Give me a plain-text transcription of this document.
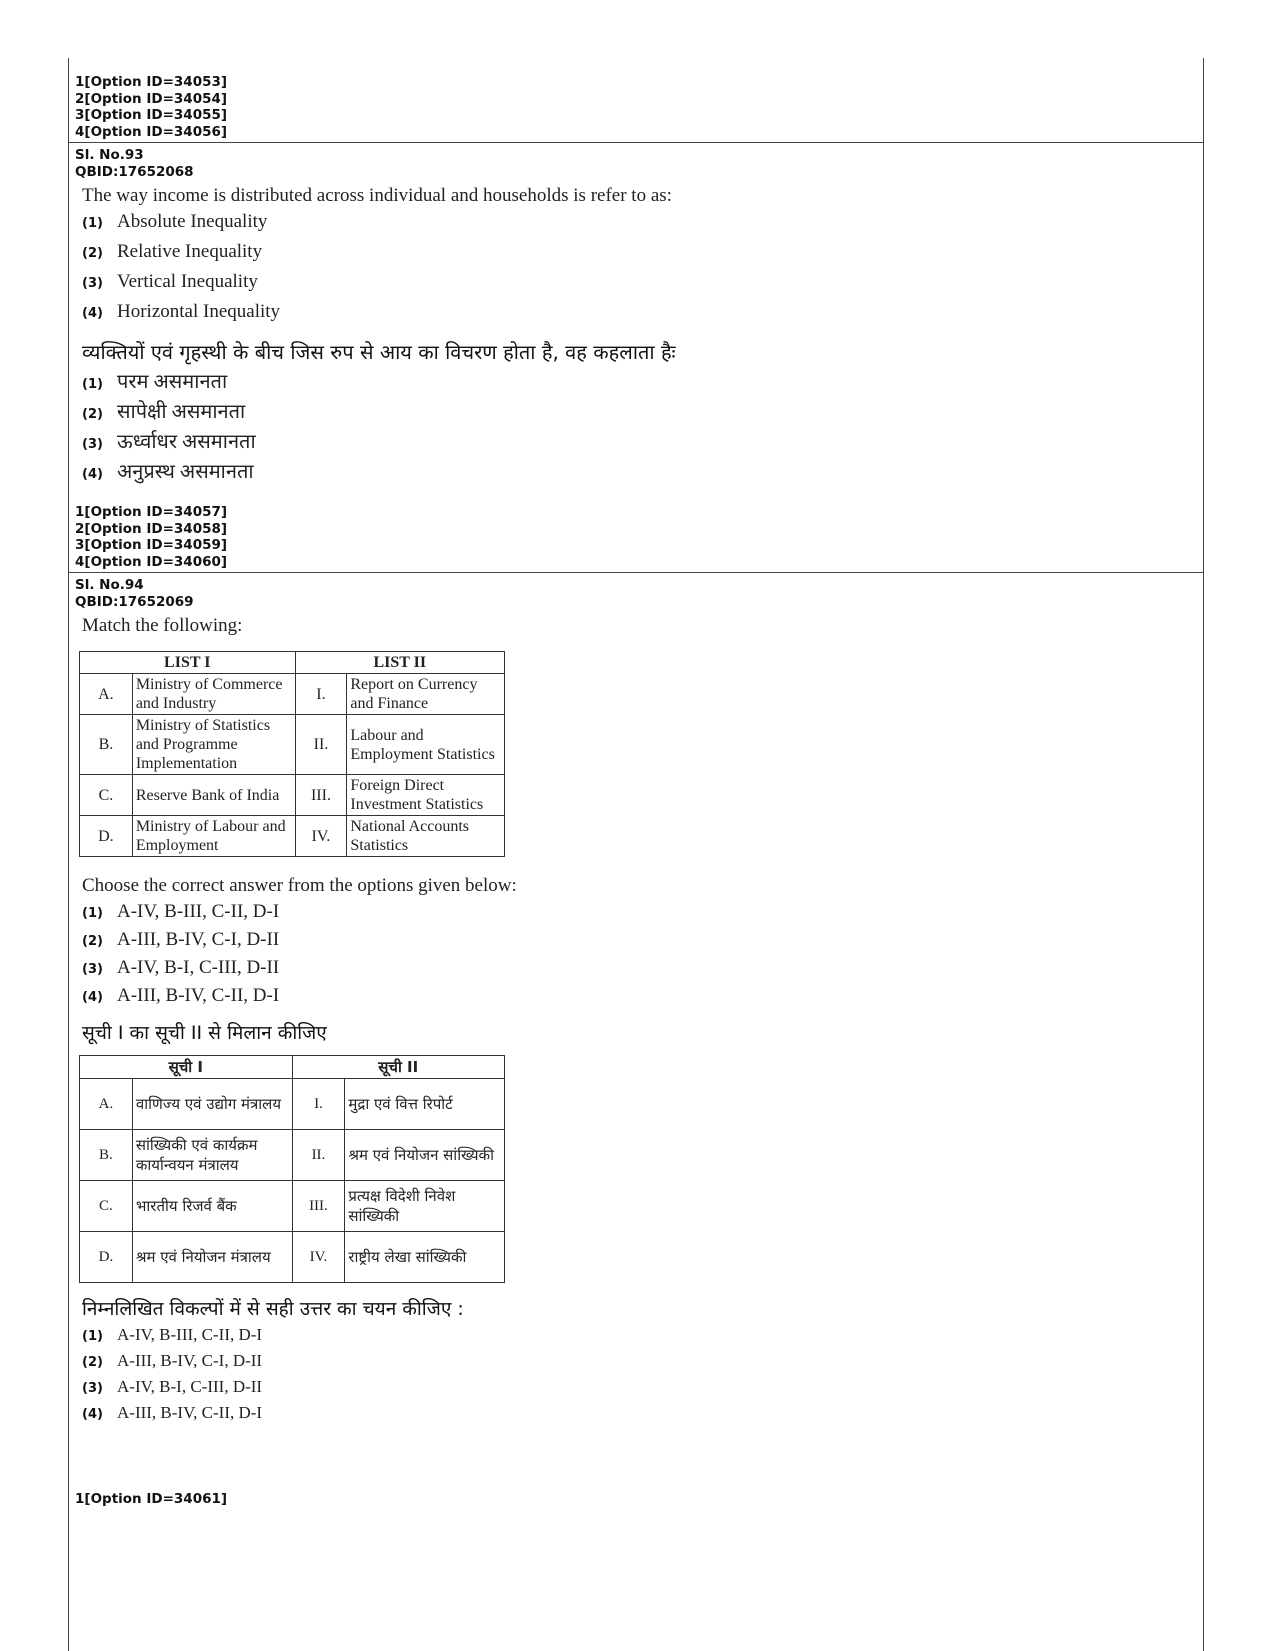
1[Option ID=34053]
2[Option ID=34054]
3[Option ID=34055]
4[Option ID=34056]
Sl. No.93
QBID:17652068
The way income is distributed across individual and households is refer to as:
(1) Absolute Inequality
(2) Relative Inequality
(3) Vertical Inequality
(4) Horizontal Inequality
व्यक्तियों एवं गृहस्थी के बीच जिस रुप से आय का विचरण होता है, वह कहलाता हैः
(1) परम असमानता
(2) सापेक्षी असमानता
(3) ऊर्ध्वाधर असमानता
(4) अनुप्रस्थ असमानता
1[Option ID=34057]
2[Option ID=34058]
3[Option ID=34059]
4[Option ID=34060]
Sl. No.94
QBID:17652069
Match the following:
LIST I		LIST II	
A.	Ministry of Commerce and Industry	I.	Report on Currency and Finance
B.	Ministry of Statistics and Programme Implementation	II.	Labour and Employment Statistics
C.	Reserve Bank of India	III.	Foreign Direct Investment Statistics
D.	Ministry of Labour and Employment	IV.	National Accounts Statistics
Choose the correct answer from the options given below:
(1) A-IV, B-III, C-II, D-I
(2) A-III, B-IV, C-I, D-II
(3) A-IV, B-I, C-III, D-II
(4) A-III, B-IV, C-II, D-I
सूची I का सूची II से मिलान कीजिए
सूची I		सूची II	
A.	वाणिज्य एवं उद्योग मंत्रालय	I.	मुद्रा एवं वित्त रिपोर्ट
B.	सांख्यिकी एवं कार्यक्रम कार्यान्वयन मंत्रालय	II.	श्रम एवं नियोजन सांख्यिकी
C.	भारतीय रिजर्व बैंक	III.	प्रत्यक्ष विदेशी निवेश सांख्यिकी
D.	श्रम एवं नियोजन मंत्रालय	IV.	राष्ट्रीय लेखा सांख्यिकी
निम्नलिखित विकल्पों में से सही उत्तर का चयन कीजिए :
(1) A-IV, B-III, C-II, D-I
(2) A-III, B-IV, C-I, D-II
(3) A-IV, B-I, C-III, D-II
(4) A-III, B-IV, C-II, D-I
1[Option ID=34061]
